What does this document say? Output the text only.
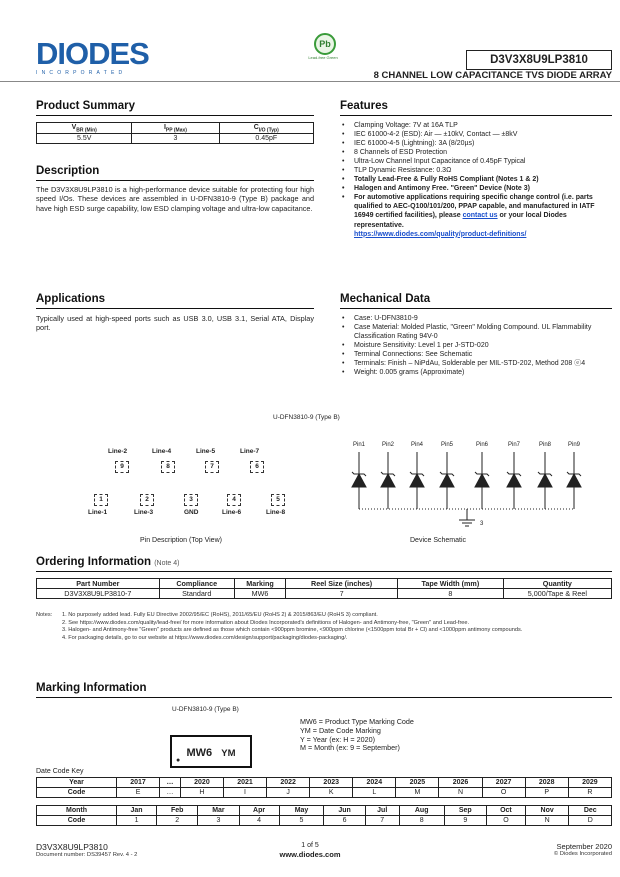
DIODES
INCORPORATED
Pb
Lead-free Green	D3V3X8U9LP3810
8 CHANNEL LOW CAPACITANCE TVS DIODE ARRAY
Product Summary
$V_{BR (Min)}$	$I_{PP (Max)}$	$C_{I/O (Typ)}$
5.5V	3	0.45pF
Description
The D3V3X8U9LP3810 is a high-performance device suitable for protecting four high speed I/Os. These devices are assembled in U-DFN3810-9 (Type B) package and have high ESD surge capability, low ESD clamping voltage and ultra-low capacitance.
Applications
Typically used at high-speed ports such as USB 3.0, USB 3.1, Serial ATA, Display port.
Features
• Clamping Voltage: 7V at 16A TLP
• IEC 61000-4-2 (ESD): Air — ±10kV, Contact — ±8kV
• IEC 61000-4-5 (Lightning): 3A (8/20µs)
• 8 Channels of ESD Protection
• Ultra-Low Channel Input Capacitance of 0.45pF Typical
• TLP Dynamic Resistance: 0.3Ω
• Totally Lead-Free & Fully RoHS Compliant (Notes 1 & 2)
• Halogen and Antimony Free. "Green" Device (Note 3)
• For automotive applications requiring specific change control (i.e. parts qualified to AEC-Q100/101/200, PPAP capable, and manufactured in IATF 16949 certified facilities), please contact us or your local Diodes representative.
https://www.diodes.com/quality/product-definitions/
Mechanical Data
• Case: U-DFN3810-9
• Case Material: Molded Plastic, "Green" Molding Compound. UL Flammability Classification Rating 94V-0
• Moisture Sensitivity: Level 1 per J-STD-020
• Terminal Connections: See Schematic
• Terminals: Finish – NiPdAu, Solderable per MIL-STD-202, Method 208 ⓔ4
• Weight: 0.005 grams (Approximate)
U-DFN3810-9 (Type B)
Line-2	Line-4	Line-5	Line-7
9	8	7	6
1	2	3	4	5
Line-1	Line-3	GND	Line-6	Line-8
Pin Description (Top View)
Pin1	Pin2	Pin4	Pin5	Pin6	Pin7	Pin8	Pin9
3
Device Schematic
Ordering Information (Note 4)
Part Number	Compliance	Marking	Reel Size (inches)	Tape Width (mm)	Quantity
D3V3X8U9LP3810-7	Standard	MW6	7	8	5,000/Tape & Reel
Notes: 1. No purposely added lead. Fully EU Directive 2002/95/EC (RoHS), 2011/65/EU (RoHS 2) & 2015/863/EU (RoHS 3) compliant.
2. See https://www.diodes.com/quality/lead-free/ for more information about Diodes Incorporated's definitions of Halogen- and Antimony-free, "Green" and Lead-free.
3. Halogen- and Antimony-free "Green" products are defined as those which contain <900ppm bromine, <900ppm chlorine (<1500ppm total Br + Cl) and <1000ppm antimony compounds.
4. For packaging details, go to our website at https://www.diodes.com/design/support/packaging/diodes-packaging/.
Marking Information
U-DFN3810-9 (Type B)
MW6 YM
●
MW6 = Product Type Marking Code
YM = Date Code Marking
Y = Year (ex: H = 2020)
M = Month (ex: 9 = September)
Date Code Key
Year	2017	…	2020	2021	2022	2023	2024	2025	2026	2027	2028	2029
Code	E	…	H	I	J	K	L	M	N	O	P	R
Month	Jan	Feb	Mar	Apr	May	Jun	Jul	Aug	Sep	Oct	Nov	Dec
Code	1	2	3	4	5	6	7	8	9	O	N	D
D3V3X8U9LP3810
Document number: DS39457 Rev. 4 - 2
1 of 5
www.diodes.com
September 2020
© Diodes Incorporated
